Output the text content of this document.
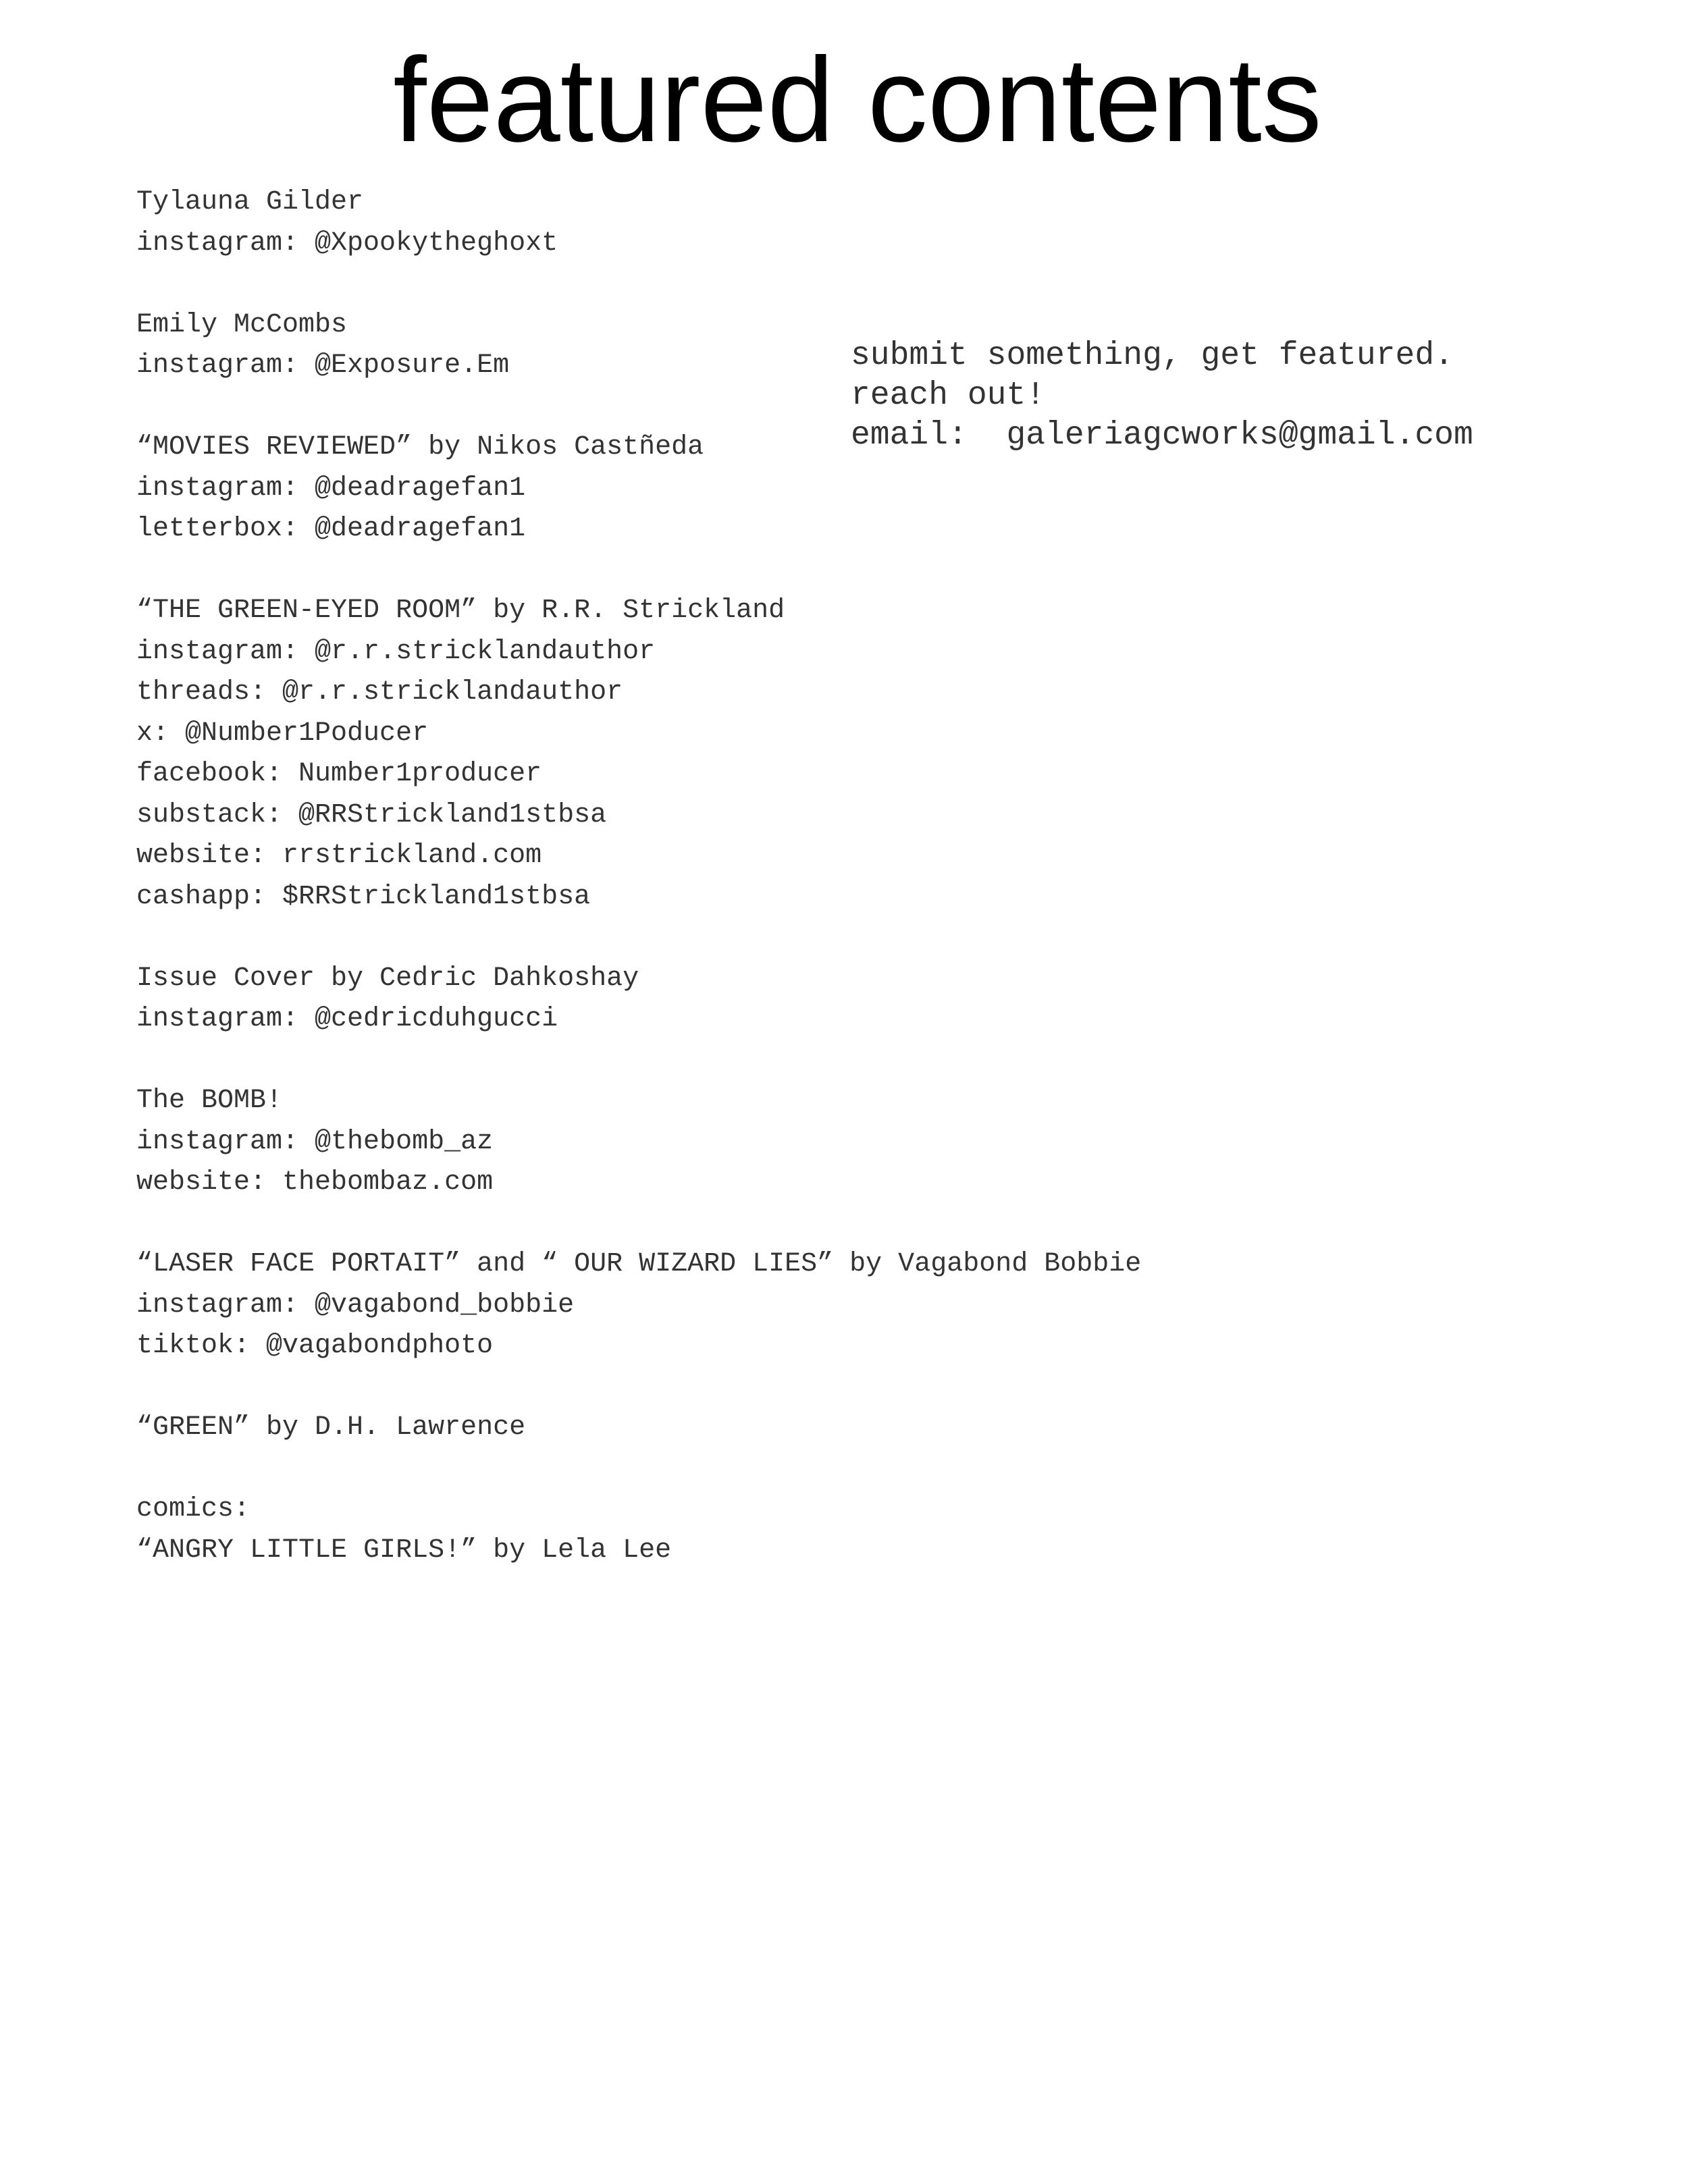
featured contents
Tylauna Gilder
instagram: @Xpookytheghoxt
Emily McCombs
instagram: @Exposure.Em
“MOVIES REVIEWED” by Nikos Castñeda
instagram: @deadragefan1
letterbox: @deadragefan1
“THE GREEN-EYED ROOM” by R.R. Strickland
instagram: @r.r.stricklandauthor
threads: @r.r.stricklandauthor
x: @Number1Poducer
facebook: Number1producer
substack: @RRStrickland1stbsa
website: rrstrickland.com
cashapp: $RRStrickland1stbsa
Issue Cover by Cedric Dahkoshay
instagram: @cedricduhgucci
The BOMB!
instagram: @thebomb_az
website: thebombaz.com
“LASER FACE PORTAIT” and “ OUR WIZARD LIES” by Vagabond Bobbie
instagram: @vagabond_bobbie
tiktok: @vagabondphoto
“GREEN” by D.H. Lawrence
comics:
“ANGRY LITTLE GIRLS!” by Lela Lee
submit something, get featured.
reach out!
email:  galeriagcworks@gmail.com
